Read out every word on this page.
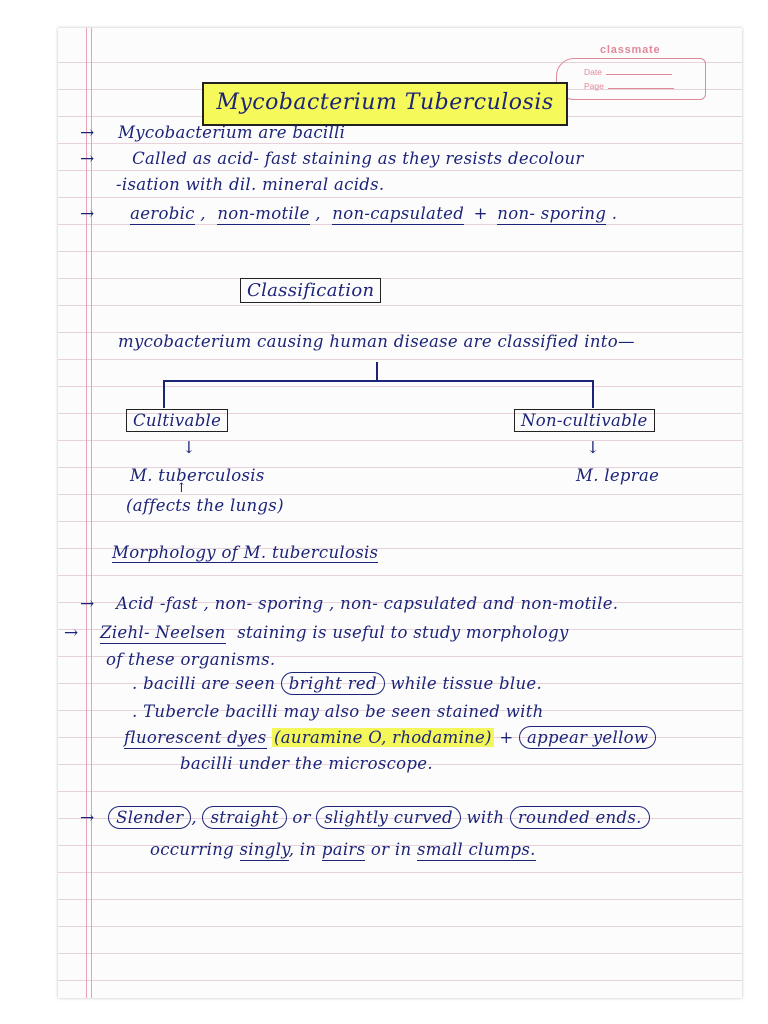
classmate
Date
Page
Mycobacterium Tuberculosis
→ Mycobacterium are bacilli
→ Called as acid- fast staining as they resists decolour
-isation with dil. mineral acids.
→ aerobic , non-motile , non-capsulated + non- sporing .
Classification
mycobacterium causing human disease are classified into—
Cultivable	Non-cultivable
↓	↓
M. tuberculosis	M. leprae
↑
(affects the lungs)
Morphology of M. tuberculosis
→ Acid -fast , non- sporing , non- capsulated and non-motile.
→ Ziehl- Neelsen staining is useful to study morphology
of these organisms.
. bacilli are seen bright red while tissue blue.
. Tubercle bacilli may also be seen stained with
fluorescent dyes (auramine O, rhodamine) + appear yellow
bacilli under the microscope.
→ Slender , straight or slightly curved with rounded ends.
occurring singly, in pairs or in small clumps.
